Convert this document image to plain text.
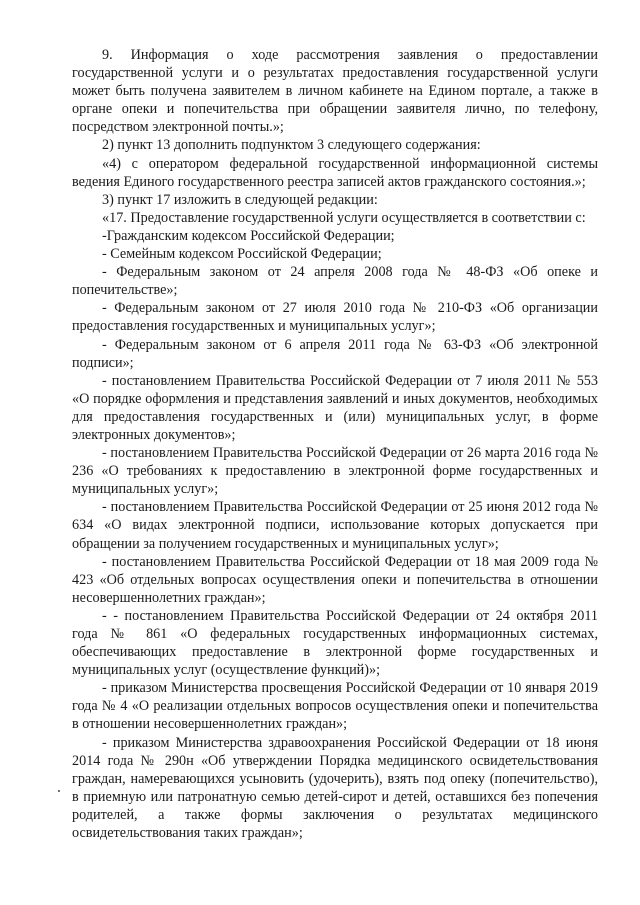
9. Информация о ходе рассмотрения заявления о предоставлении государственной услуги и о результатах предоставления государственной услуги может быть получена заявителем в личном кабинете на Едином портале, а также в органе опеки и попечительства при обращении заявителя лично, по телефону, посредством электронной почты.»;

2) пункт 13 дополнить подпунктом 3 следующего содержания:

«4) с оператором федеральной государственной информационной системы ведения Единого государственного реестра записей актов гражданского состояния.»;

3) пункт 17 изложить в следующей редакции:

«17. Предоставление государственной услуги осуществляется в соответствии с:

-Гражданским кодексом Российской Федерации;

- Семейным кодексом Российской Федерации;

- Федеральным законом от 24 апреля 2008 года № 48-ФЗ «Об опеке и попечительстве»;

- Федеральным законом от 27 июля 2010 года № 210-ФЗ «Об организации предоставления государственных и муниципальных услуг»;

- Федеральным законом от 6 апреля 2011 года № 63-ФЗ «Об электронной подписи»;

- постановлением Правительства Российской Федерации от 7 июля 2011 № 553 «О порядке оформления и представления заявлений и иных документов, необходимых для предоставления государственных и (или) муниципальных услуг, в форме электронных документов»;

- постановлением Правительства Российской Федерации от 26 марта 2016 года № 236 «О требованиях к предоставлению в электронной форме государственных и муниципальных услуг»;

- постановлением Правительства Российской Федерации от 25 июня 2012 года № 634 «О видах электронной подписи, использование которых допускается при обращении за получением государственных и муниципальных услуг»;

- постановлением Правительства Российской Федерации от 18 мая 2009 года № 423 «Об отдельных вопросах осуществления опеки и попечительства в отношении несовершеннолетних граждан»;

- - постановлением Правительства Российской Федерации от 24 октября 2011 года № 861 «О федеральных государственных информационных системах, обеспечивающих предоставление в электронной форме государственных и муниципальных услуг (осуществление функций)»;

- приказом Министерства просвещения Российской Федерации от 10 января 2019 года № 4 «О реализации отдельных вопросов осуществления опеки и попечительства в отношении несовершеннолетних граждан»;

- приказом Министерства здравоохранения Российской Федерации от 18 июня 2014 года № 290н «Об утверждении Порядка медицинского освидетельствования граждан, намеревающихся усыновить (удочерить), взять под опеку (попечительство), в приемную или патронатную семью детей-сирот и детей, оставшихся без попечения родителей, а также формы заключения о результатах медицинского освидетельствования таких граждан»;
